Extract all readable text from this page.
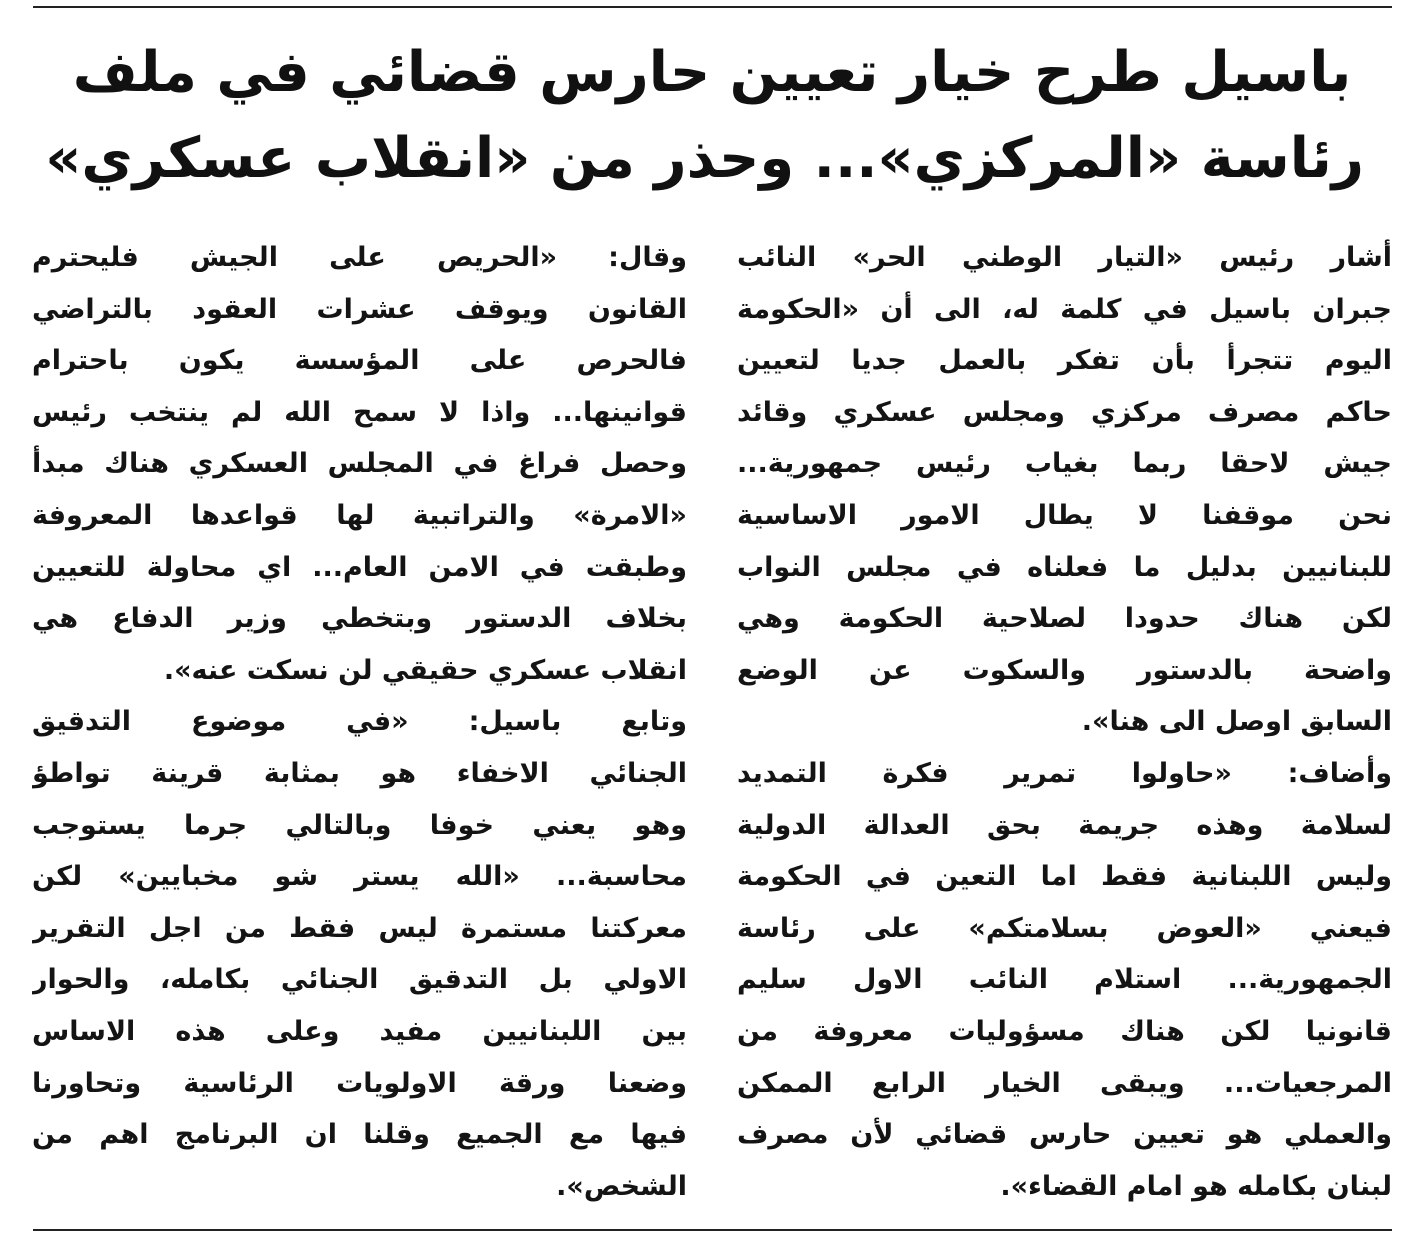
باسيل طرح خيار تعيين حارس قضائي في ملف
رئاسة «المركزي»... وحذر من «انقلاب عسكري»
أشار رئيس «التيار الوطني الحر» النائب
جبران باسيل في كلمة له، الى أن «الحكومة
اليوم تتجرأ بأن تفكر بالعمل جديا لتعيين
حاكم مصرف مركزي ومجلس عسكري وقائد
جيش لاحقا ربما بغياب رئيس جمهورية...
نحن موقفنا لا يطال الامور الاساسية
للبنانيين بدليل ما فعلناه في مجلس النواب
لكن هناك حدودا لصلاحية الحكومة وهي
واضحة بالدستور والسكوت عن الوضع
السابق اوصل الى هنا».
وأضاف: «حاولوا تمرير فكرة التمديد
لسلامة وهذه جريمة بحق العدالة الدولية
وليس اللبنانية فقط اما التعين في الحكومة
فيعني «العوض بسلامتكم» على رئاسة
الجمهورية... استلام النائب الاول سليم
قانونيا لكن هناك مسؤوليات معروفة من
المرجعيات... ويبقى الخيار الرابع الممكن
والعملي هو تعيين حارس قضائي لأن مصرف
لبنان بكامله هو امام القضاء».
وقال: «الحريص على الجيش فليحترم
القانون ويوقف عشرات العقود بالتراضي
فالحرص على المؤسسة يكون باحترام
قوانينها... واذا لا سمح الله لم ينتخب رئيس
وحصل فراغ في المجلس العسكري هناك مبدأ
«الامرة» والتراتبية لها قواعدها المعروفة
وطبقت في الامن العام... اي محاولة للتعيين
بخلاف الدستور وبتخطي وزير الدفاع هي
انقلاب عسكري حقيقي لن نسكت عنه».
وتابع باسيل: «في موضوع التدقيق
الجنائي الاخفاء هو بمثابة قرينة تواطؤ
وهو يعني خوفا وبالتالي جرما يستوجب
محاسبة... «الله يستر شو مخبايين» لكن
معركتنا مستمرة ليس فقط من اجل التقرير
الاولي بل التدقيق الجنائي بكامله، والحوار
بين اللبنانيين مفيد وعلى هذه الاساس
وضعنا ورقة الاولويات الرئاسية وتحاورنا
فيها مع الجميع وقلنا ان البرنامج اهم من
الشخص».
